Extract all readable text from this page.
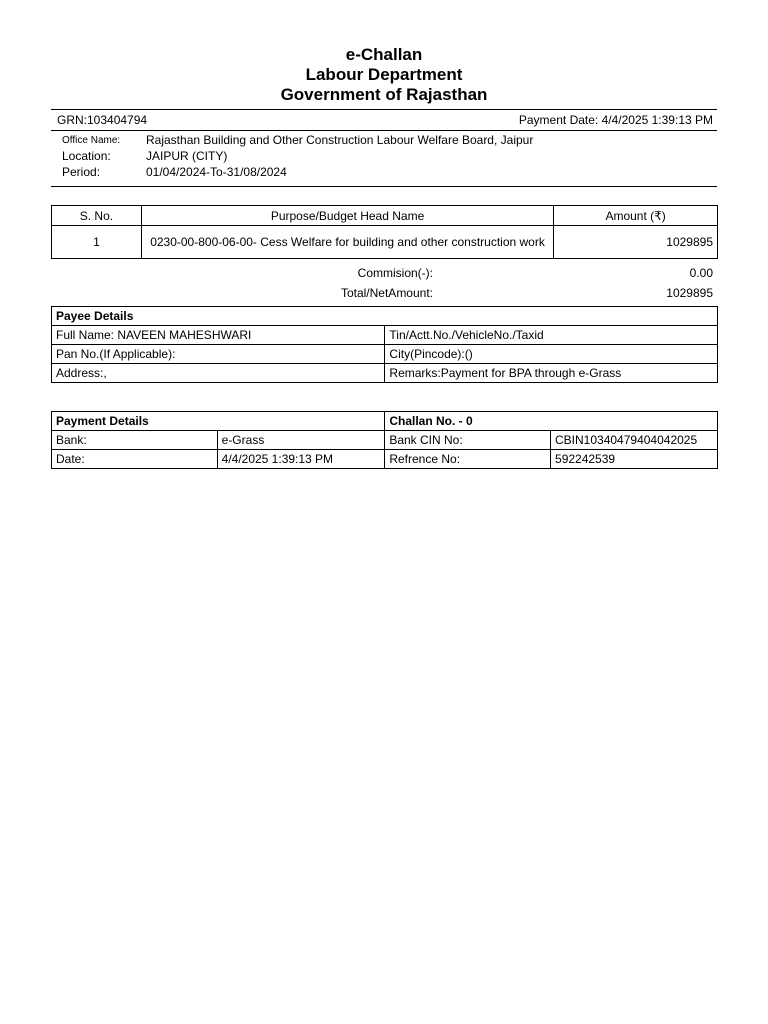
e-Challan
Labour Department
Government of Rajasthan
GRN:103404794	Payment Date: 4/4/2025 1:39:13 PM
Office Name: Rajasthan Building and Other Construction Labour Welfare Board, Jaipur
Location:	JAIPUR (CITY)
Period:	01/04/2024-To-31/08/2024
S. No.	Purpose/Budget Head Name	Amount (₹)
1	0230-00-800-06-00- Cess Welfare for building and other construction work	1029895
Commision(-):	0.00
Total/NetAmount:	1029895
Payee Details	
Full Name: NAVEEN MAHESHWARI	Tin/Actt.No./VehicleNo./Taxid
Pan No.(If Applicable):	City(Pincode):()
Address:,	Remarks:Payment for BPA through e-Grass
Payment Details		Challan No. - 0	
Bank:	e-Grass	Bank CIN No:	CBIN10340479404042025
Date:	4/4/2025 1:39:13 PM	Refrence No:	592242539
